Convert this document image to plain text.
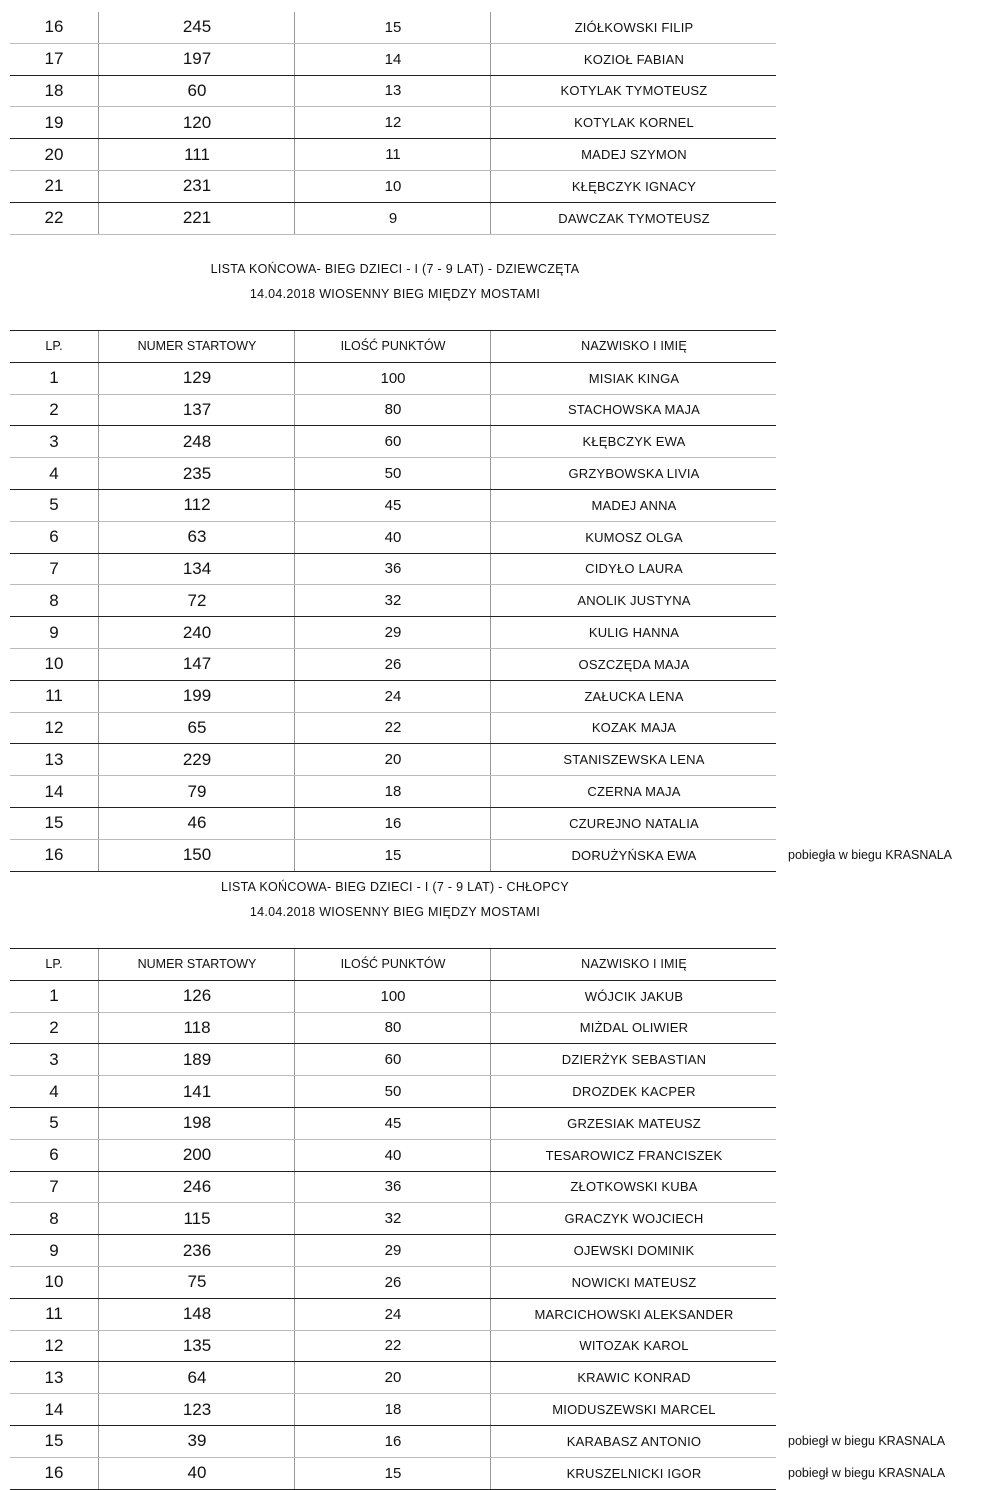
16	245	15	ZIÓŁKOWSKI FILIP
17	197	14	KOZIOŁ FABIAN
18	60	13	KOTYLAK TYMOTEUSZ
19	120	12	KOTYLAK KORNEL
20	111	11	MADEJ SZYMON
21	231	10	KŁĘBCZYK IGNACY
22	221	9	DAWCZAK TYMOTEUSZ
LISTA KOŃCOWA- BIEG DZIECI - I (7 - 9 LAT) - DZIEWCZĘTA
14.04.2018 WIOSENNY BIEG MIĘDZY MOSTAMI
LP.	NUMER STARTOWY	ILOŚĆ PUNKTÓW	NAZWISKO I IMIĘ
1	129	100	MISIAK KINGA
2	137	80	STACHOWSKA MAJA
3	248	60	KŁĘBCZYK EWA
4	235	50	GRZYBOWSKA LIVIA
5	112	45	MADEJ ANNA
6	63	40	KUMOSZ OLGA
7	134	36	CIDYŁO LAURA
8	72	32	ANOLIK JUSTYNA
9	240	29	KULIG HANNA
10	147	26	OSZCZĘDA MAJA
11	199	24	ZAŁUCKA LENA
12	65	22	KOZAK MAJA
13	229	20	STANISZEWSKA LENA
14	79	18	CZERNA MAJA
15	46	16	CZUREJNO NATALIA
16	150	15	DORUŻYŃSKA EWA	pobiegła w biegu KRASNALA
LISTA KOŃCOWA- BIEG DZIECI - I (7 - 9 LAT) - CHŁOPCY
14.04.2018 WIOSENNY BIEG MIĘDZY MOSTAMI
LP.	NUMER STARTOWY	ILOŚĆ PUNKTÓW	NAZWISKO I IMIĘ
1	126	100	WÓJCIK JAKUB
2	118	80	MIŻDAL OLIWIER
3	189	60	DZIERŻYK SEBASTIAN
4	141	50	DROZDEK KACPER
5	198	45	GRZESIAK MATEUSZ
6	200	40	TESAROWICZ FRANCISZEK
7	246	36	ZŁOTKOWSKI KUBA
8	115	32	GRACZYK WOJCIECH
9	236	29	OJEWSKI DOMINIK
10	75	26	NOWICKI MATEUSZ
11	148	24	MARCICHOWSKI ALEKSANDER
12	135	22	WITOZAK KAROL
13	64	20	KRAWIC KONRAD
14	123	18	MIODUSZEWSKI MARCEL
15	39	16	KARABASZ ANTONIO	pobiegł w biegu KRASNALA
16	40	15	KRUSZELNICKI IGOR	pobiegł w biegu KRASNALA
